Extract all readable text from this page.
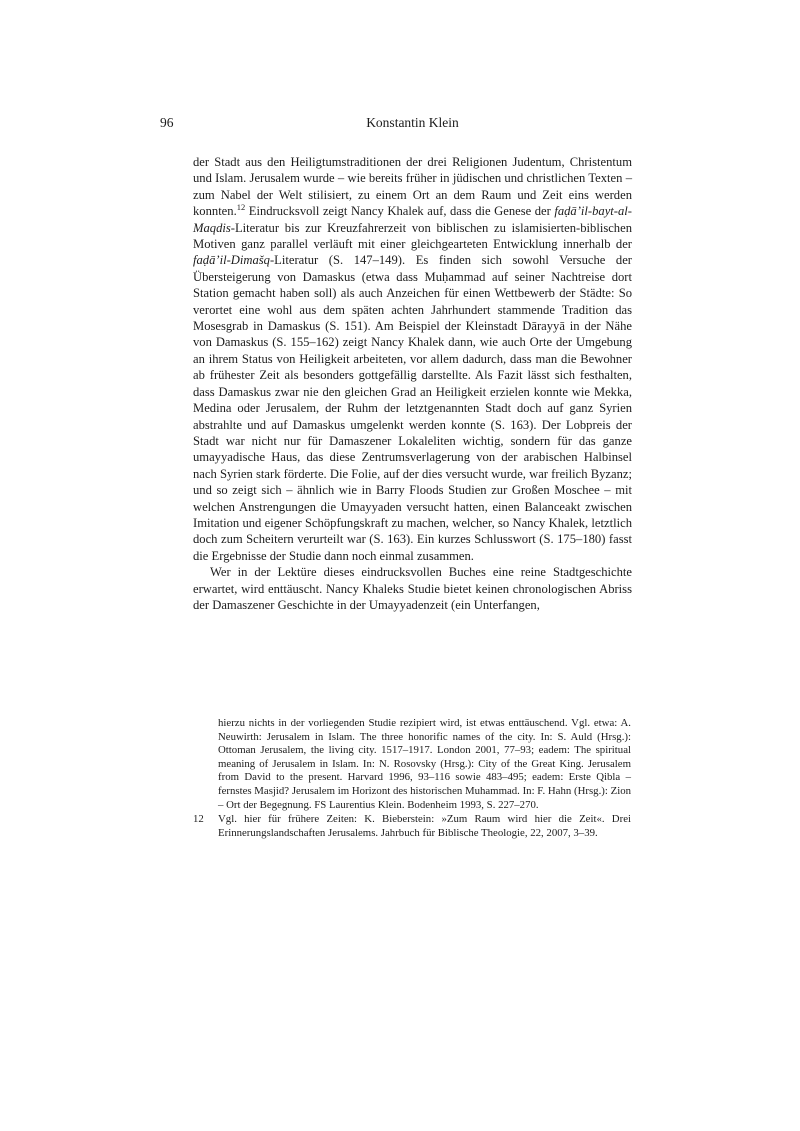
96	Konstantin Klein

der Stadt aus den Heiligtumstraditionen der drei Religionen Judentum, Christentum und Islam. Jerusalem wurde – wie bereits früher in jüdischen und christlichen Texten – zum Nabel der Welt stilisiert, zu einem Ort an dem Raum und Zeit eins werden konnten.$^{12}$ Eindrucksvoll zeigt Nancy Khalek auf, dass die Genese der faḍā’il-bayt-al-Maqdis-Literatur bis zur Kreuzfahrerzeit von biblischen zu islamisierten-biblischen Motiven ganz parallel verläuft mit einer gleichgearteten Entwicklung innerhalb der faḍā’il-Dimašq-Literatur (S. 147–149). Es finden sich sowohl Versuche der Übersteigerung von Damaskus (etwa dass Muḥammad auf seiner Nachtreise dort Station gemacht haben soll) als auch Anzeichen für einen Wettbewerb der Städte: So verortet eine wohl aus dem späten achten Jahrhundert stammende Tradition das Mosesgrab in Damaskus (S. 151). Am Beispiel der Kleinstadt Dārayyā in der Nähe von Damaskus (S. 155–162) zeigt Nancy Khalek dann, wie auch Orte der Umgebung an ihrem Status von Heiligkeit arbeiteten, vor allem dadurch, dass man die Bewohner ab frühester Zeit als besonders gottgefällig darstellte. Als Fazit lässt sich festhalten, dass Damaskus zwar nie den gleichen Grad an Heiligkeit erzielen konnte wie Mekka, Medina oder Jerusalem, der Ruhm der letztgenannten Stadt doch auf ganz Syrien abstrahlte und auf Damaskus umgelenkt werden konnte (S. 163). Der Lobpreis der Stadt war nicht nur für Damaszener Lokaleliten wichtig, sondern für das ganze umayyadische Haus, das diese Zentrumsverlagerung von der arabischen Halbinsel nach Syrien stark förderte. Die Folie, auf der dies versucht wurde, war freilich Byzanz; und so zeigt sich – ähnlich wie in Barry Floods Studien zur Großen Moschee – mit welchen Anstrengungen die Umayyaden versucht hatten, einen Balanceakt zwischen Imitation und eigener Schöpfungskraft zu machen, welcher, so Nancy Khalek, letztlich doch zum Scheitern verurteilt war (S. 163). Ein kurzes Schlusswort (S. 175–180) fasst die Ergebnisse der Studie dann noch einmal zusammen.

Wer in der Lektüre dieses eindrucksvollen Buches eine reine Stadtgeschichte erwartet, wird enttäuscht. Nancy Khaleks Studie bietet keinen chronologischen Abriss der Damaszener Geschichte in der Umayyadenzeit (ein Unterfangen,

hierzu nichts in der vorliegenden Studie rezipiert wird, ist etwas enttäuschend. Vgl. etwa: A. Neuwirth: Jerusalem in Islam. The three honorific names of the city. In: S. Auld (Hrsg.): Ottoman Jerusalem, the living city. 1517–1917. London 2001, 77–93; eadem: The spiritual meaning of Jerusalem in Islam. In: N. Rosovsky (Hrsg.): City of the Great King. Jerusalem from David to the present. Harvard 1996, 93–116 sowie 483–495; eadem: Erste Qibla – fernstes Masjid? Jerusalem im Horizont des historischen Muhammad. In: F. Hahn (Hrsg.): Zion – Ort der Begegnung. FS Laurentius Klein. Bodenheim 1993, S. 227–270.
12	Vgl. hier für frühere Zeiten: K. Bieberstein: »Zum Raum wird hier die Zeit«. Drei Erinnerungslandschaften Jerusalems. Jahrbuch für Biblische Theologie, 22, 2007, 3–39.
